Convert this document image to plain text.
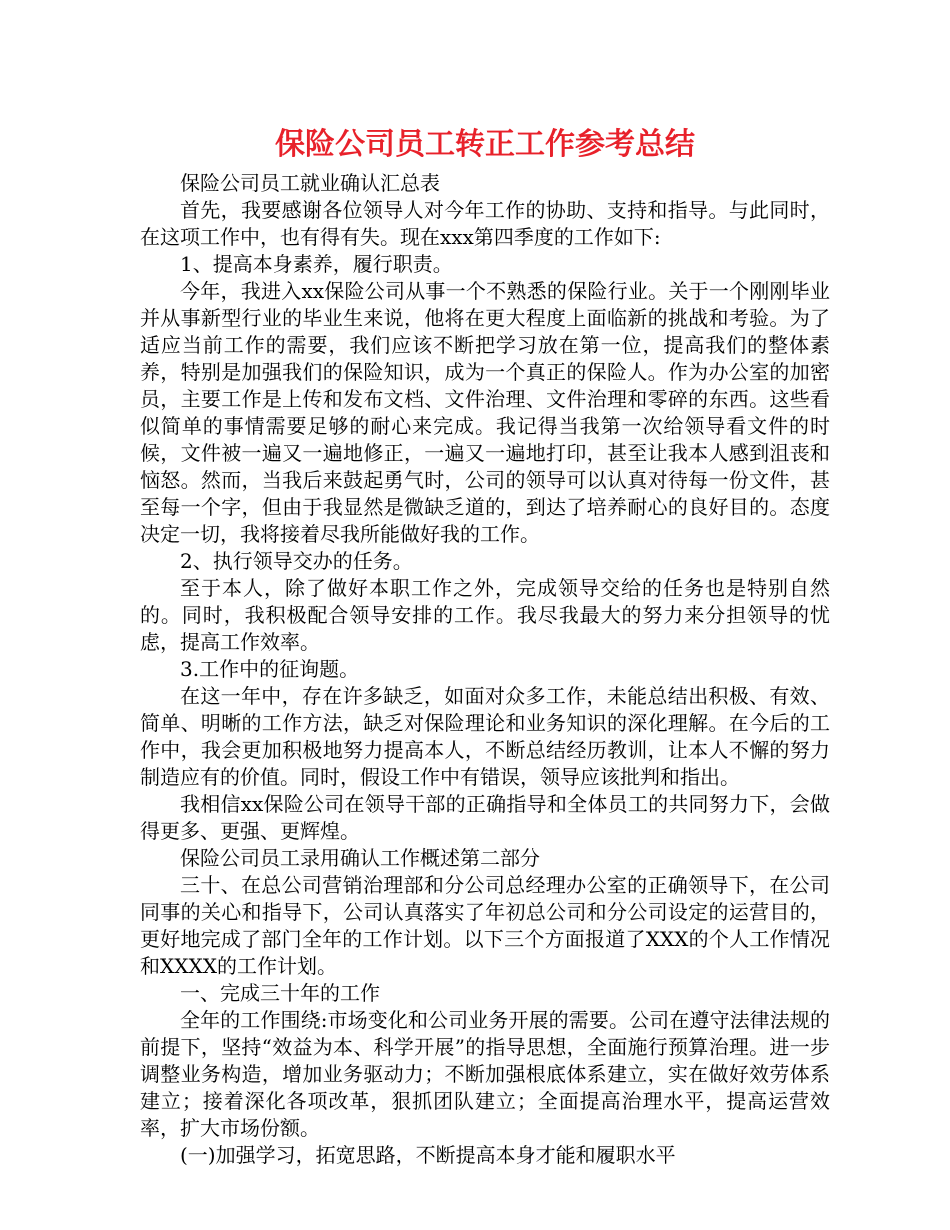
保险公司员工转正工作参考总结

保险公司员工就业确认汇总表

首先，我要感谢各位领导人对今年工作的协助、支持和指导。与此同时，在这项工作中，也有得有失。现在xxx第四季度的工作如下:

1、提高本身素养，履行职责。

今年，我进入xx保险公司从事一个不熟悉的保险行业。关于一个刚刚毕业并从事新型行业的毕业生来说，他将在更大程度上面临新的挑战和考验。为了适应当前工作的需要，我们应该不断把学习放在第一位，提高我们的整体素养，特别是加强我们的保险知识，成为一个真正的保险人。作为办公室的加密员，主要工作是上传和发布文档、文件治理、文件治理和零碎的东西。这些看似简单的事情需要足够的耐心来完成。我记得当我第一次给领导看文件的时候，文件被一遍又一遍地修正，一遍又一遍地打印，甚至让我本人感到沮丧和恼怒。然而，当我后来鼓起勇气时，公司的领导可以认真对待每一份文件，甚至每一个字，但由于我显然是微缺乏道的，到达了培养耐心的良好目的。态度决定一切，我将接着尽我所能做好我的工作。

2、执行领导交办的任务。

至于本人，除了做好本职工作之外，完成领导交给的任务也是特别自然的。同时，我积极配合领导安排的工作。我尽我最大的努力来分担领导的忧虑，提高工作效率。

3.工作中的征询题。

在这一年中，存在许多缺乏，如面对众多工作，未能总结出积极、有效、简单、明晰的工作方法，缺乏对保险理论和业务知识的深化理解。在今后的工作中，我会更加积极地努力提高本人，不断总结经历教训，让本人不懈的努力制造应有的价值。同时，假设工作中有错误，领导应该批判和指出。

我相信xx保险公司在领导干部的正确指导和全体员工的共同努力下，会做得更多、更强、更辉煌。

保险公司员工录用确认工作概述第二部分

三十、在总公司营销治理部和分公司总经理办公室的正确领导下，在公司同事的关心和指导下，公司认真落实了年初总公司和分公司设定的运营目的，更好地完成了部门全年的工作计划。以下三个方面报道了XXX的个人工作情况和XXXX的工作计划。

一、完成三十年的工作

全年的工作围绕:市场变化和公司业务开展的需要。公司在遵守法律法规的前提下，坚持“效益为本、科学开展”的指导思想，全面施行预算治理。进一步调整业务构造，增加业务驱动力；不断加强根底体系建立，实在做好效劳体系建立；接着深化各项改革，狠抓团队建立；全面提高治理水平，提高运营效率，扩大市场份额。

(一)加强学习，拓宽思路，不断提高本身才能和履职水平
